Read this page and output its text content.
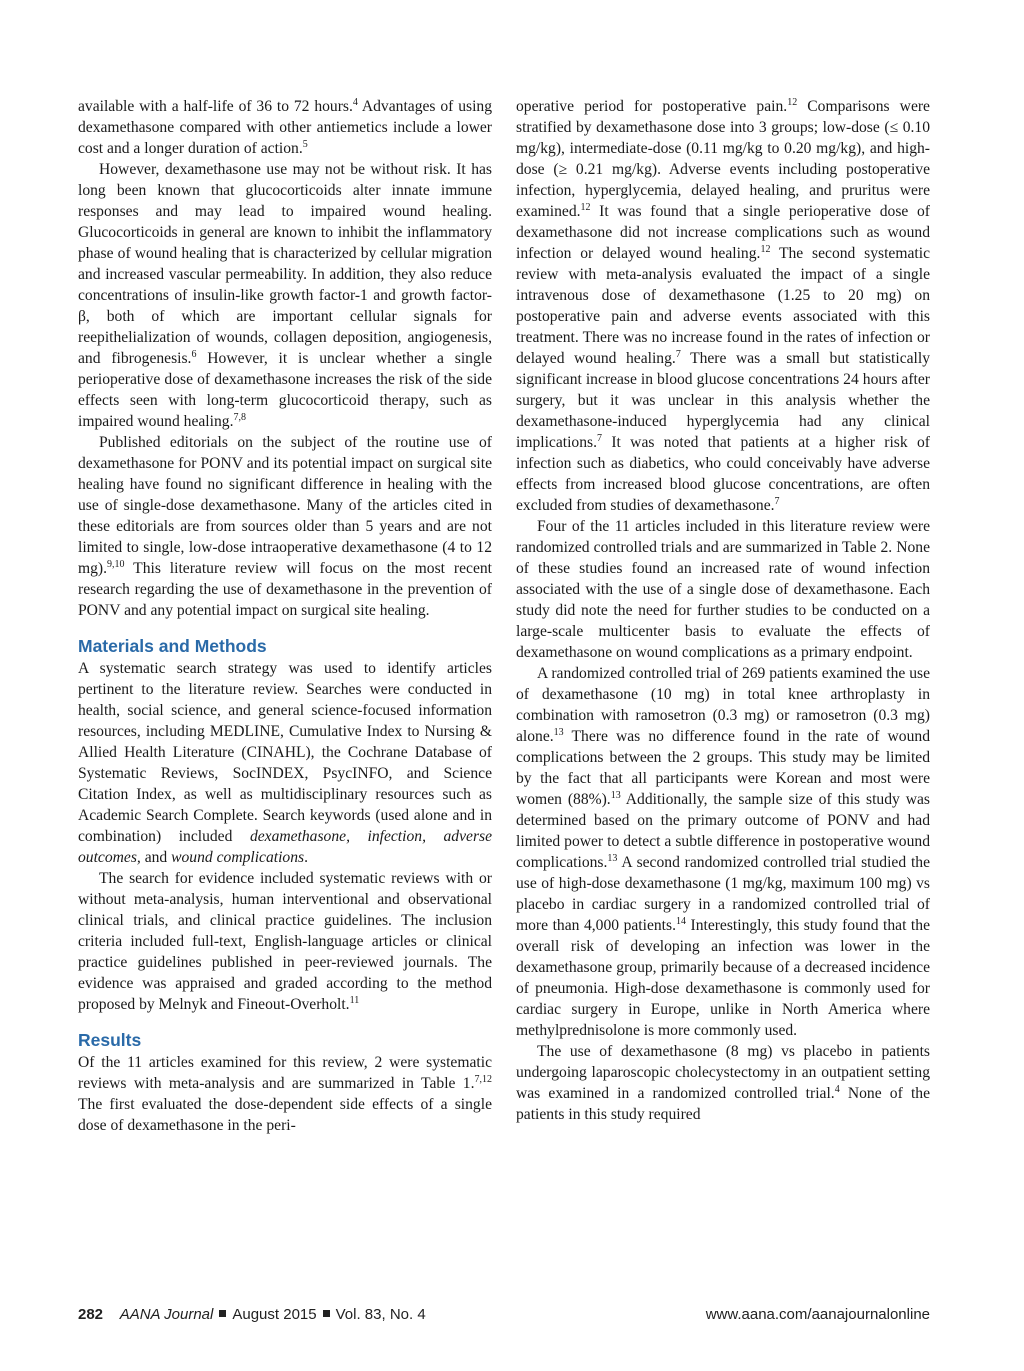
available with a half-life of 36 to 72 hours.$^4$ Advantages of using dexamethasone compared with other antiemetics include a lower cost and a longer duration of action.$^5$

However, dexamethasone use may not be without risk. It has long been known that glucocorticoids alter innate immune responses and may lead to impaired wound healing. Glucocorticoids in general are known to inhibit the inflammatory phase of wound healing that is characterized by cellular migration and increased vascular permeability. In addition, they also reduce concentrations of insulin-like growth factor-1 and growth factor-β, both of which are important cellular signals for reepithelialization of wounds, collagen deposition, angiogenesis, and fibrogenesis.$^6$ However, it is unclear whether a single perioperative dose of dexamethasone increases the risk of the side effects seen with long-term glucocorticoid therapy, such as impaired wound healing.$^{7,8}$

Published editorials on the subject of the routine use of dexamethasone for PONV and its potential impact on surgical site healing have found no significant difference in healing with the use of single-dose dexamethasone. Many of the articles cited in these editorials are from sources older than 5 years and are not limited to single, low-dose intraoperative dexamethasone (4 to 12 mg).$^{9,10}$ This literature review will focus on the most recent research regarding the use of dexamethasone in the prevention of PONV and any potential impact on surgical site healing.

Materials and Methods

A systematic search strategy was used to identify articles pertinent to the literature review. Searches were conducted in health, social science, and general science-focused information resources, including MEDLINE, Cumulative Index to Nursing & Allied Health Literature (CINAHL), the Cochrane Database of Systematic Reviews, SocINDEX, PsycINFO, and Science Citation Index, as well as multidisciplinary resources such as Academic Search Complete. Search keywords (used alone and in combination) included dexamethasone, infection, adverse outcomes, and wound complications.

The search for evidence included systematic reviews with or without meta-analysis, human interventional and observational clinical trials, and clinical practice guidelines. The inclusion criteria included full-text, English-language articles or clinical practice guidelines published in peer-reviewed journals. The evidence was appraised and graded according to the method proposed by Melnyk and Fineout-Overholt.$^{11}$

Results

Of the 11 articles examined for this review, 2 were systematic reviews with meta-analysis and are summarized in Table 1.$^{7,12}$ The first evaluated the dose-dependent side effects of a single dose of dexamethasone in the peri-

operative period for postoperative pain.$^{12}$ Comparisons were stratified by dexamethasone dose into 3 groups; low-dose (≤ 0.10 mg/kg), intermediate-dose (0.11 mg/kg to 0.20 mg/kg), and high-dose (≥ 0.21 mg/kg). Adverse events including postoperative infection, hyperglycemia, delayed healing, and pruritus were examined.$^{12}$ It was found that a single perioperative dose of dexamethasone did not increase complications such as wound infection or delayed wound healing.$^{12}$ The second systematic review with meta-analysis evaluated the impact of a single intravenous dose of dexamethasone (1.25 to 20 mg) on postoperative pain and adverse events associated with this treatment. There was no increase found in the rates of infection or delayed wound healing.$^7$ There was a small but statistically significant increase in blood glucose concentrations 24 hours after surgery, but it was unclear in this analysis whether the dexamethasone-induced hyperglycemia had any clinical implications.$^7$ It was noted that patients at a higher risk of infection such as diabetics, who could conceivably have adverse effects from increased blood glucose concentrations, are often excluded from studies of dexamethasone.$^7$

Four of the 11 articles included in this literature review were randomized controlled trials and are summarized in Table 2. None of these studies found an increased rate of wound infection associated with the use of a single dose of dexamethasone. Each study did note the need for further studies to be conducted on a large-scale multicenter basis to evaluate the effects of dexamethasone on wound complications as a primary endpoint.

A randomized controlled trial of 269 patients examined the use of dexamethasone (10 mg) in total knee arthroplasty in combination with ramosetron (0.3 mg) or ramosetron (0.3 mg) alone.$^{13}$ There was no difference found in the rate of wound complications between the 2 groups. This study may be limited by the fact that all participants were Korean and most were women (88%).$^{13}$ Additionally, the sample size of this study was determined based on the primary outcome of PONV and had limited power to detect a subtle difference in postoperative wound complications.$^{13}$ A second randomized controlled trial studied the use of high-dose dexamethasone (1 mg/kg, maximum 100 mg) vs placebo in cardiac surgery in a randomized controlled trial of more than 4,000 patients.$^{14}$ Interestingly, this study found that the overall risk of developing an infection was lower in the dexamethasone group, primarily because of a decreased incidence of pneumonia. High-dose dexamethasone is commonly used for cardiac surgery in Europe, unlike in North America where methylprednisolone is more commonly used.

The use of dexamethasone (8 mg) vs placebo in patients undergoing laparoscopic cholecystectomy in an outpatient setting was examined in a randomized controlled trial.$^4$ None of the patients in this study required

282 AANA Journal August 2015 Vol. 83, No. 4	www.aana.com/aanajournalonline
